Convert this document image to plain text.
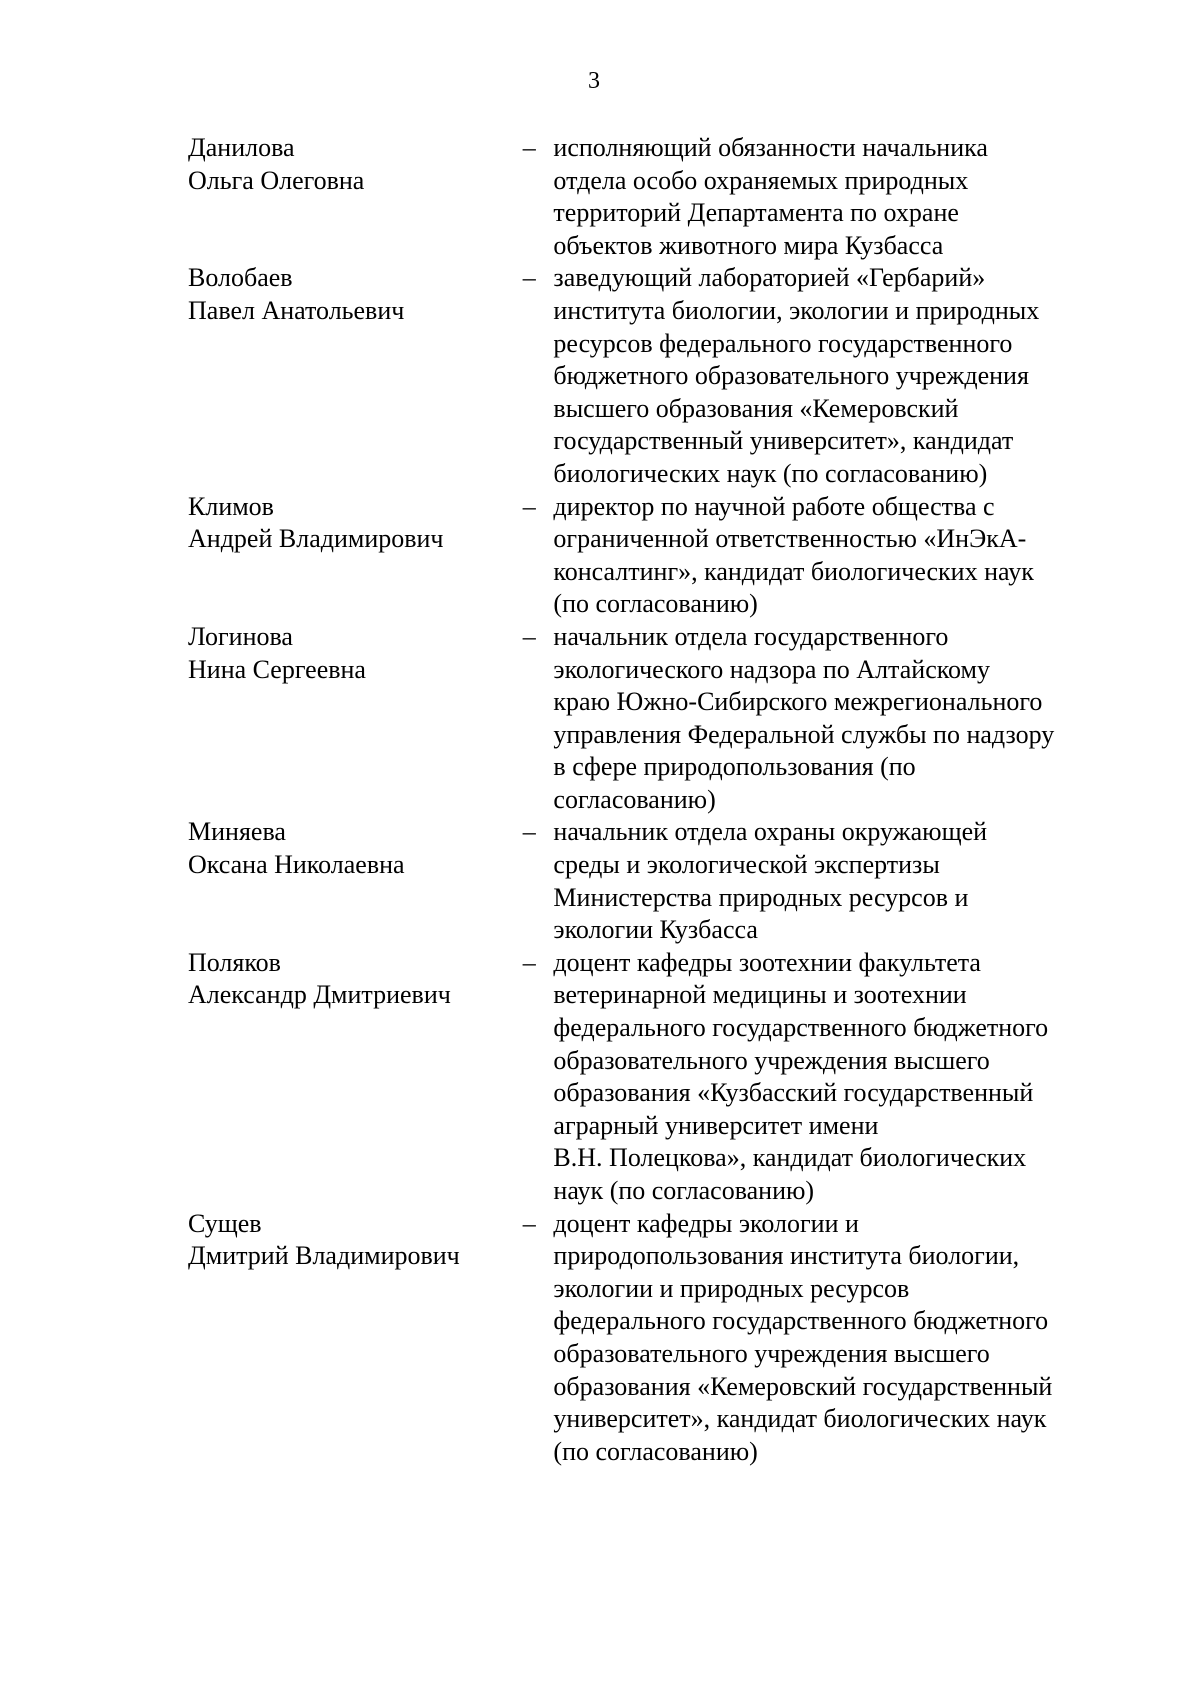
3
Данилова
Ольга Олеговна
– исполняющий обязанности начальника
отдела особо охраняемых природных
территорий Департамента по охране
объектов животного мира Кузбасса
Волобаев
Павел Анатольевич
– заведующий лабораторией «Гербарий»
института биологии, экологии и природных
ресурсов федерального государственного
бюджетного образовательного учреждения
высшего образования «Кемеровский
государственный университет», кандидат
биологических наук (по согласованию)
Климов
Андрей Владимирович
– директор по научной работе общества с
ограниченной ответственностью «ИнЭкА-
консалтинг», кандидат биологических наук
(по согласованию)
Логинова
Нина Сергеевна
– начальник отдела государственного
экологического надзора по Алтайскому
краю Южно-Сибирского межрегионального
управления Федеральной службы по надзору
в сфере природопользования (по
согласованию)
Миняева
Оксана Николаевна
– начальник отдела охраны окружающей
среды и экологической экспертизы
Министерства природных ресурсов и
экологии Кузбасса
Поляков
Александр Дмитриевич
– доцент кафедры зоотехнии факультета
ветеринарной медицины и зоотехнии
федерального государственного бюджетного
образовательного учреждения высшего
образования «Кузбасский государственный
аграрный университет имени
В.Н. Полецкова», кандидат биологических
наук (по согласованию)
Сущев
Дмитрий Владимирович
– доцент кафедры экологии и
природопользования института биологии,
экологии и природных ресурсов
федерального государственного бюджетного
образовательного учреждения высшего
образования «Кемеровский государственный
университет», кандидат биологических наук
(по согласованию)
